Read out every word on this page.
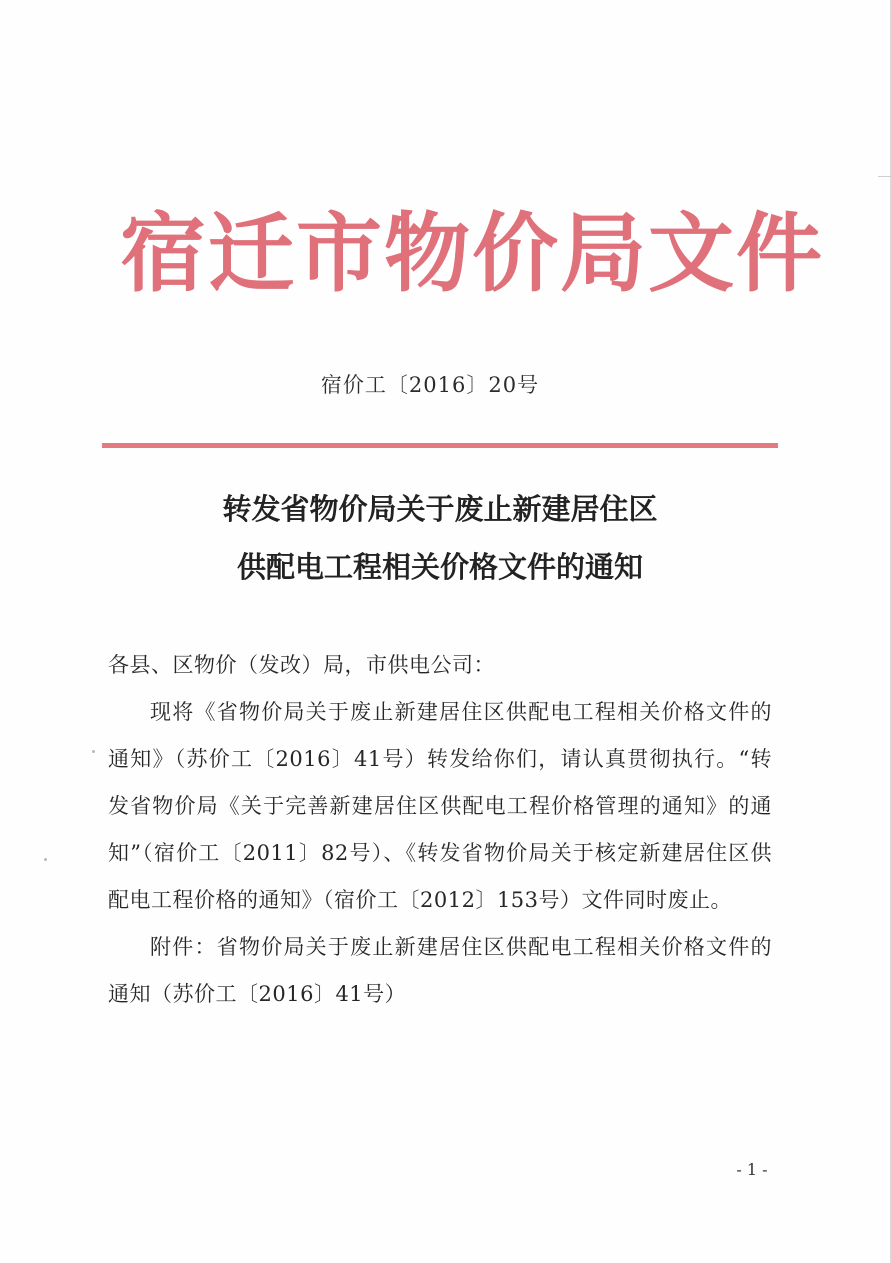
宿迁市物价局文件
宿价工〔2016〕20号
转发省物价局关于废止新建居住区
供配电工程相关价格文件的通知
各县、区物价（发改）局，市供电公司：
现将《省物价局关于废止新建居住区供配电工程相关价格文件的通知》（苏价工〔2016〕41号）转发给你们，请认真贯彻执行。“转发省物价局《关于完善新建居住区供配电工程价格管理的通知》的通知”（宿价工〔2011〕82号）、《转发省物价局关于核定新建居住区供配电工程价格的通知》（宿价工〔2012〕153号）文件同时废止。
附件：省物价局关于废止新建居住区供配电工程相关价格文件的通知（苏价工〔2016〕41号）
- 1 -
